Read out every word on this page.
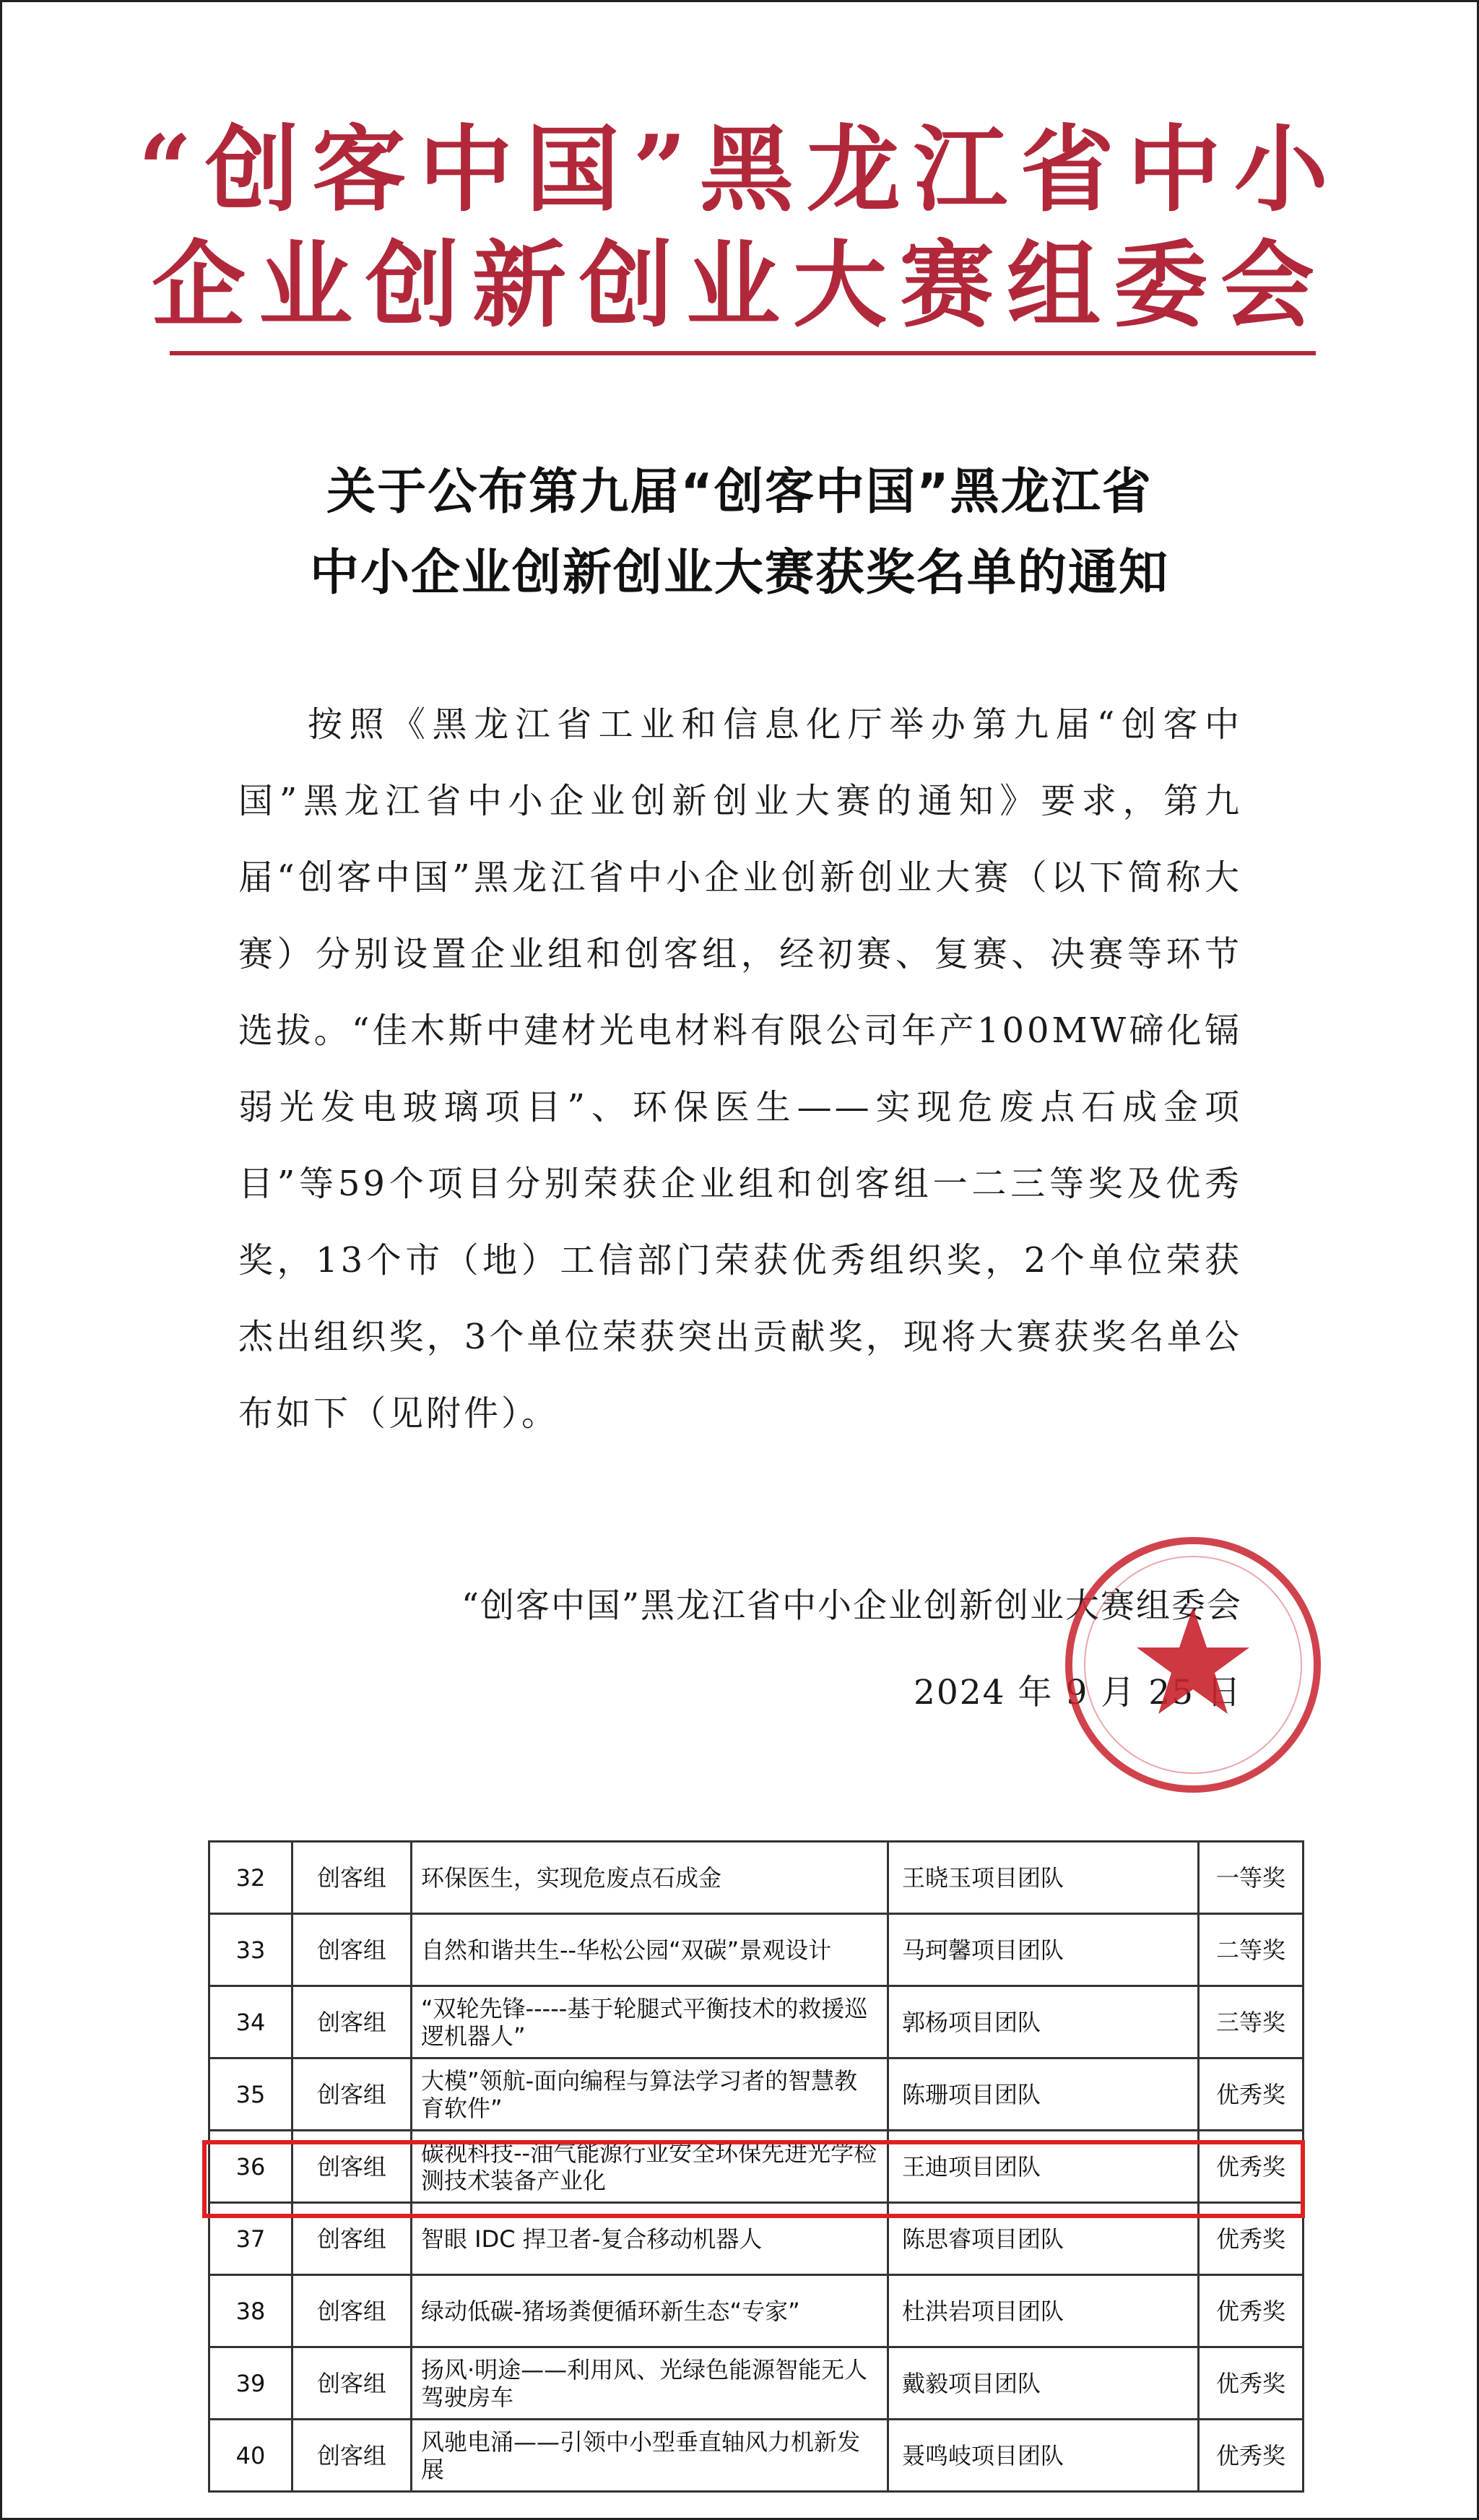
“创客中国”黑龙江省中小
企业创新创业大赛组委会
关于公布第九届“创客中国”黑龙江省
中小企业创新创业大赛获奖名单的通知

按照《黑龙江省工业和信息化厅举办第九届“创客中国”黑龙江省中小企业创新创业大赛的通知》要求，第九届“创客中国”黑龙江省中小企业创新创业大赛（以下简称大赛）分别设置企业组和创客组，经初赛、复赛、决赛等环节选拔。“佳木斯中建材光电材料有限公司年产100MW碲化镉弱光发电玻璃项目”、环保医生——实现危废点石成金项目”等59个项目分别荣获企业组和创客组一二三等奖及优秀奖，13个市（地）工信部门荣获优秀组织奖，2个单位荣获杰出组织奖，3个单位荣获突出贡献奖，现将大赛获奖名单公布如下（见附件）。

“创客中国”黑龙江省中小企业创新创业大赛组委会
2024 年 9 月 25 日
32	创客组	环保医生，实现危废点石成金	王晓玉项目团队	一等奖
33	创客组	自然和谐共生--华松公园“双碳”景观设计	马珂馨项目团队	二等奖
34	创客组	“双轮先锋-----基于轮腿式平衡技术的救援巡逻机器人”	郭杨项目团队	三等奖
35	创客组	大模”领航-面向编程与算法学习者的智慧教育软件”	陈珊项目团队	优秀奖
36	创客组	碳视科技--油气能源行业安全环保先进光学检测技术装备产业化	王迪项目团队	优秀奖
37	创客组	智眼 IDC 捍卫者-复合移动机器人	陈思睿项目团队	优秀奖
38	创客组	绿动低碳-猪场粪便循环新生态“专家”	杜洪岩项目团队	优秀奖
39	创客组	扬风·明途——利用风、光绿色能源智能无人驾驶房车	戴毅项目团队	优秀奖
40	创客组	风驰电涌——引领中小型垂直轴风力机新发展	聂鸣岐项目团队	优秀奖
